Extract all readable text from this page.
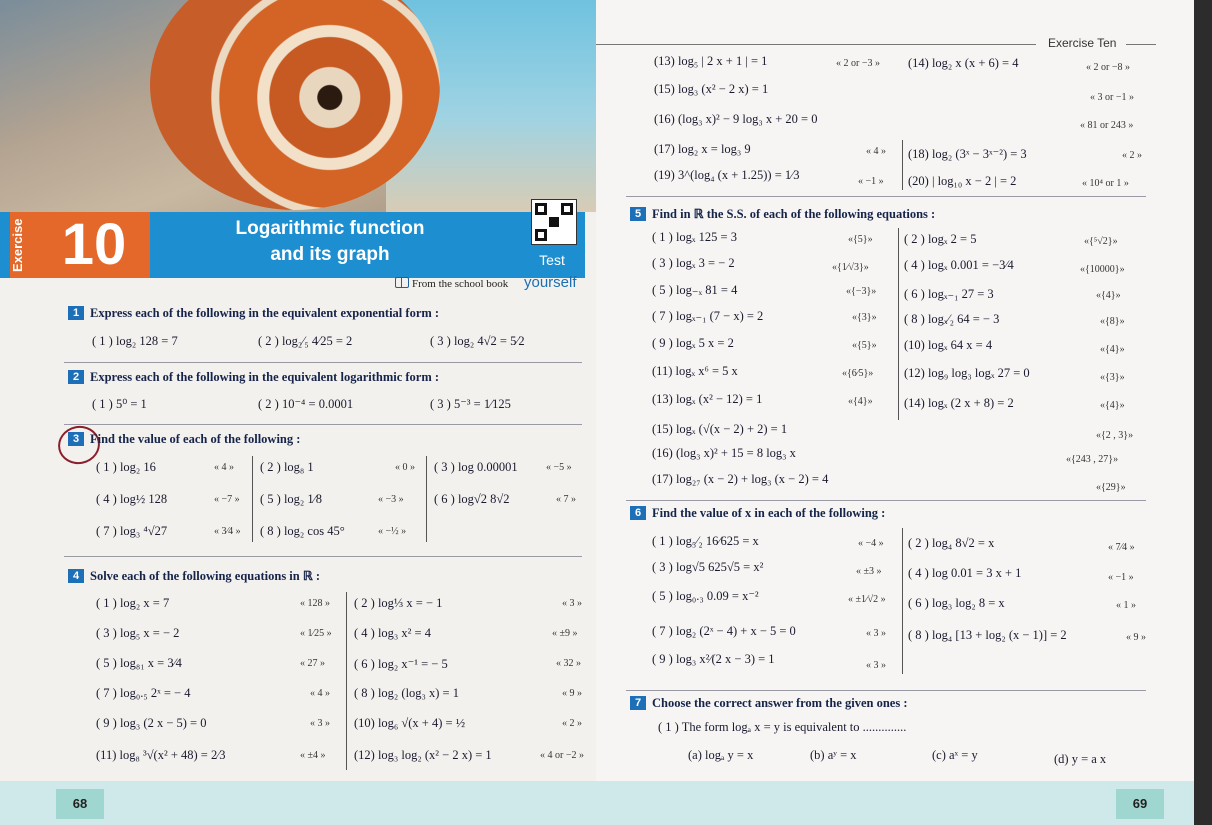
Exercise 10	Logarithmic function
and its graph	Test
From the school book yourself
1 Express each of the following in the equivalent exponential form :
( 1 ) log₂ 128 = 7	( 2 ) log₂⁄₅ 4⁄25 = 2	( 3 ) log₂ 4√2 = 5⁄2
2 Express each of the following in the equivalent logarithmic form :
( 1 ) 5⁰ = 1	( 2 ) 10⁻⁴ = 0.0001	( 3 ) 5⁻³ = 1⁄125
3 Find the value of each of the following :
( 1 ) log₂ 16	« 4 » ( 2 ) log₈ 1	« 0 » ( 3 ) log 0.00001	« −5 »
( 4 ) log½ 128	« −7 » ( 5 ) log₂ 1⁄8	« −3 » ( 6 ) log√2 8√2	« 7 »
( 7 ) log₃ ⁴√27	« 3⁄4 » ( 8 ) log₂ cos 45°	« −½ »
4 Solve each of the following equations in ℝ :
( 1 ) log₂ x = 7	« 128 » ( 2 ) log⅓ x = − 1	« 3 »
( 3 ) log₅ x = − 2	« 1⁄25 » ( 4 ) log₃ x² = 4	« ±9 »
( 5 ) log₈₁ x = 3⁄4	« 27 » ( 6 ) log₂ x⁻¹ = − 5	« 32 »
( 7 ) log₀.₅ 2ˣ = − 4	« 4 » ( 8 ) log₂ (log₃ x) = 1	« 9 »
( 9 ) log₃ (2 x − 5) = 0	« 3 » (10) log₆ √(x + 4) = ½	« 2 »
(11) log₈ ³√(x² + 48) = 2⁄3	« ±4 » (12) log₃ log₂ (x² − 2 x) = 1	« 4 or −2 »
68
Exercise Ten
(13) log₅ | 2 x + 1 | = 1	« 2 or −3 » (14) log₂ x (x + 6) = 4	« 2 or −8 »
(15) log₃ (x² − 2 x) = 1
« 3 or −1 »
(16) (log₃ x)² − 9 log₃ x + 20 = 0	« 81 or 243 »
(17) log₂ x = log₃ 9	« 4 » (18) log₂ (3ˣ − 3ˣ⁻²) = 3	« 2 »
(19) 3^(log₄ (x + 1.25)) = 1⁄3	« −1 » (20) | log₁₀ x − 2 | = 2	« 10⁴ or 1 »
5 Find in ℝ the S.S. of each of the following equations :
( 1 ) logₓ 125 = 3	«{5}»	( 2 ) logₓ 2 = 5	«{⁵√2}»
( 3 ) logₓ 3 = − 2	«{1⁄√3}»	( 4 ) logₓ 0.001 = −3⁄4	«{10000}»
( 5 ) log₋ₓ 81 = 4	«{−3}» ( 6 ) logₓ₋₁ 27 = 3	«{4}»
( 7 ) logₓ₋₁ (7 − x) = 2	«{3}» ( 8 ) logₓ⁄₂ 64 = − 3	«{8}»
( 9 ) logₓ 5 x = 2	«{5}» (10) logₓ 64 x = 4	«{4}»
(11) logₓ x⁶ = 5 x	«{6⁄5}» (12) log₉ log₃ logₓ 27 = 0	«{3}»
(13) logₓ (x² − 12) = 1	«{4}»	(14) logₓ (2 x + 8) = 2	«{4}»
(15) logₓ (√(x − 2) + 2) = 1	«{2 , 3}»
(16) (log₃ x)² + 15 = 8 log₃ x	«{243 , 27}»
(17) log₂₇ (x − 2) + log₃ (x − 2) = 4
«{29}»
6 Find the value of x in each of the following :
( 1 ) log₅⁄₂ 16⁄625 = x	« −4 » ( 2 ) log₄ 8√2 = x	« 7⁄4 »
( 3 ) log√5 625√5 = x²	« ±3 » ( 4 ) log 0.01 = 3 x + 1	« −1 »
( 5 ) log₀.₃ 0.09 = x⁻²	« ±1⁄√2 » ( 6 ) log₃ log₂ 8 = x	« 1 »
( 7 ) log₂ (2ˣ − 4) + x − 5 = 0	« 3 » ( 8 ) log₄ [13 + log₂ (x − 1)] = 2	« 9 »
( 9 ) log₃ x²⁄(2 x − 3) = 1	« 3 »
7 Choose the correct answer from the given ones :
( 1 ) The form logₐ x = y is equivalent to ..............
(a) logₐ y = x	(b) aʸ = x	(c) aˣ = y	(d) y = a x
69
